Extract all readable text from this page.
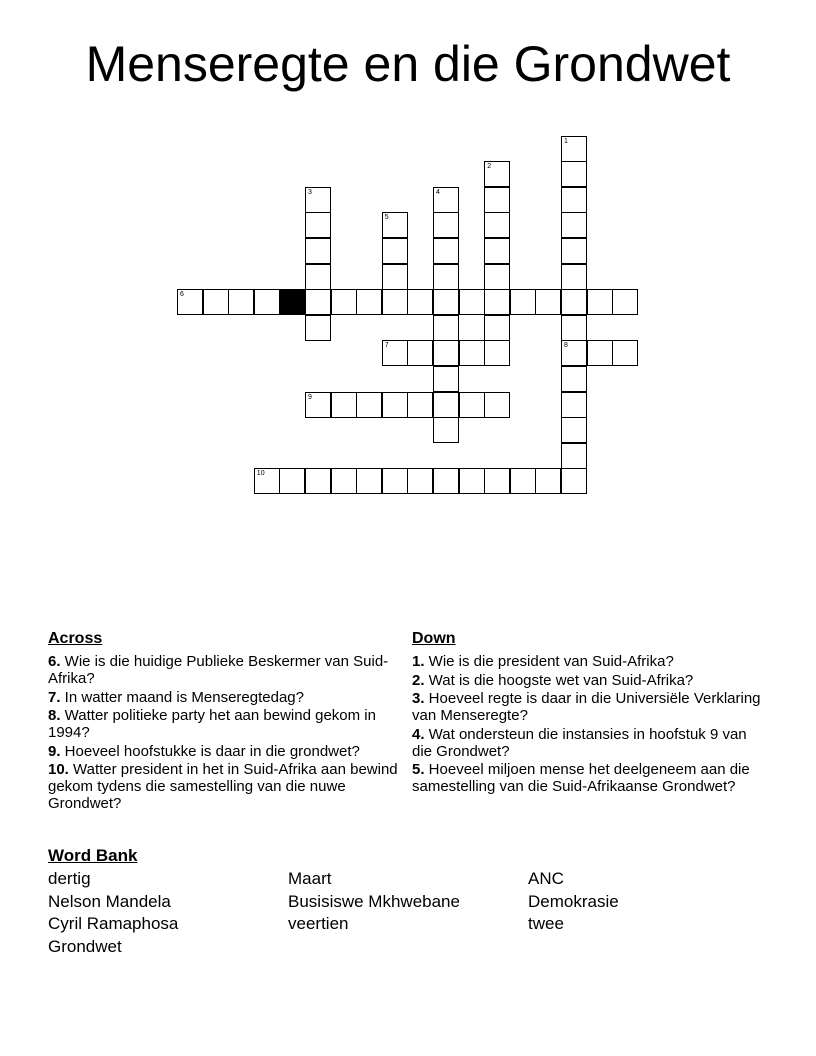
Menseregte en die Grondwet
1
8
2
3	4
5
6
7
9
10
Across
6. Wie is die huidige Publieke Beskermer van Suid-Afrika?
7. In watter maand is Menseregtedag?
8. Watter politieke party het aan bewind gekom in 1994?
9. Hoeveel hoofstukke is daar in die grondwet?
10. Watter president in het in Suid-Afrika aan bewind gekom tydens die samestelling van die nuwe Grondwet?
Down
1. Wie is die president van Suid-Afrika?
2. Wat is die hoogste wet van Suid-Afrika?
3. Hoeveel regte is daar in die Universiële Verklaring van Menseregte?
4. Wat ondersteun die instansies in hoofstuk 9 van die Grondwet?
5. Hoeveel miljoen mense het deelgeneem aan die samestelling van die Suid-Afrikaanse Grondwet?
Word Bank
dertig	Maart	ANC
Nelson Mandela	Busisiswe Mkhwebane	Demokrasie
Cyril Ramaphosa	veertien	twee
Grondwet
